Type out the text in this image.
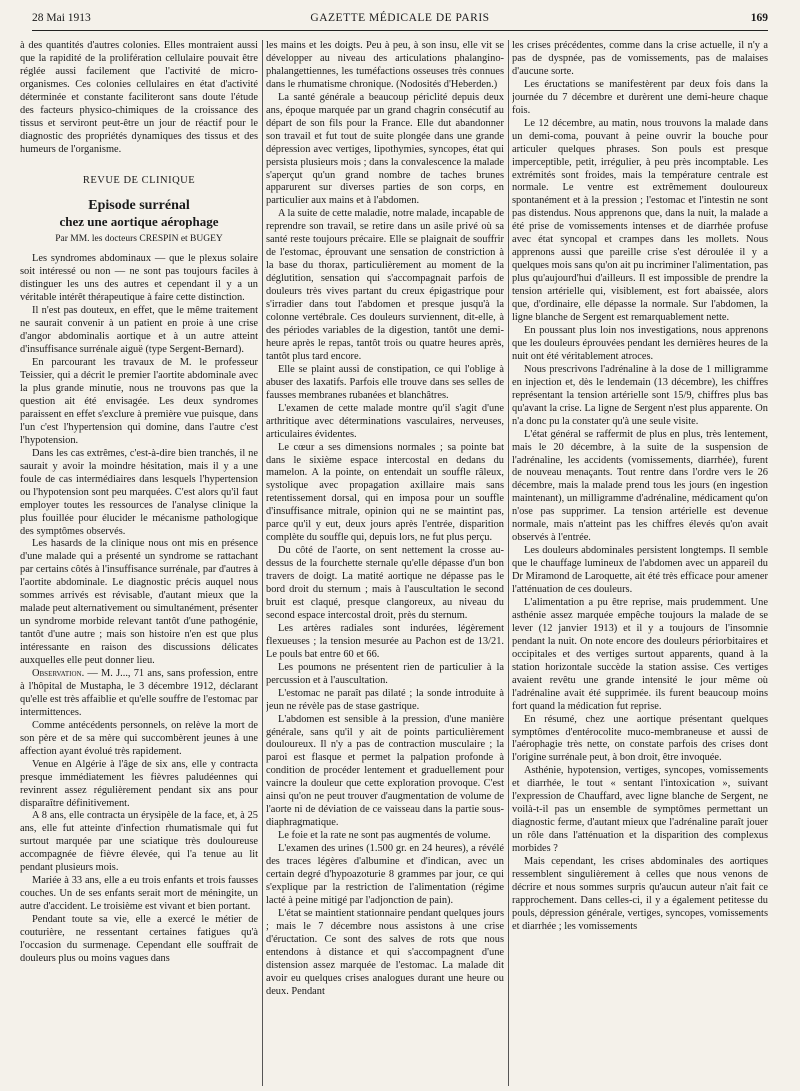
28 Mai 1913	GAZETTE MÉDICALE DE PARIS	169

à des quantités d'autres colonies. Elles montraient aussi que la rapidité de la prolifération cellulaire pouvait être réglée aussi facilement que l'activité de micro-organismes. Ces colonies cellulaires en état d'activité déterminée et constante faciliteront sans doute l'étude des facteurs physico-chimiques de la croissance des tissus et serviront peut-être un jour de réactif pour le diagnostic des propriétés dynamiques des tissus et des humeurs de l'organisme.

REVUE DE CLINIQUE
Episode surrénal
chez une aortique aérophage
Par MM. les docteurs CRESPIN et BUGEY

Les syndromes abdominaux — que le plexus solaire soit intéressé ou non — ne sont pas toujours faciles à distinguer les uns des autres et cependant il y a un véritable intérêt thérapeutique à faire cette distinction.

Il n'est pas douteux, en effet, que le même traitement ne saurait convenir à un patient en proie à une crise d'angor abdominalis aortique et à un autre atteint d'insuffisance surrénale aiguë (type Sergent-Bernard).

En parcourant les travaux de M. le professeur Teissier, qui a décrit le premier l'aortite abdominale avec la plus grande minutie, nous ne trouvons pas que la question ait été envisagée. Les deux syndromes paraissent en effet s'exclure à première vue puisque, dans l'un c'est l'hypertension qui domine, dans l'autre c'est l'hypotension.

Dans les cas extrêmes, c'est-à-dire bien tranchés, il ne saurait y avoir la moindre hésitation, mais il y a une foule de cas intermédiaires dans lesquels l'hypertension ou l'hypotension sont peu marquées. C'est alors qu'il faut employer toutes les ressources de l'analyse clinique la plus fouillée pour élucider le mécanisme pathologique des symptômes observés.

Les hasards de la clinique nous ont mis en présence d'une malade qui a présenté un syndrome se rattachant par certains côtés à l'insuffisance surrénale, par d'autres à l'aortite abdominale. Le diagnostic précis auquel nous sommes arrivés est révisable, d'autant mieux que la malade peut alternativement ou simultanément, présenter un syndrome morbide relevant tantôt d'une pathogénie, tantôt d'une autre ; mais son histoire n'en est que plus intéressante en raison des discussions délicates auxquelles elle peut donner lieu.

Observation. — M. J..., 71 ans, sans profession, entre à l'hôpital de Mustapha, le 3 décembre 1912, déclarant qu'elle est très affaiblie et qu'elle souffre de l'estomac par intermittences.

Comme antécédents personnels, on relève la mort de son père et de sa mère qui succombèrent jeunes à une affection ayant évolué très rapidement.

Venue en Algérie à l'âge de six ans, elle y contracta presque immédiatement les fièvres paludéennes qui revinrent assez régulièrement pendant six ans pour disparaître définitivement.

A 8 ans, elle contracta un érysipèle de la face, et, à 25 ans, elle fut atteinte d'infection rhumatismale qui fut surtout marquée par une sciatique très douloureuse accompagnée de fièvre élevée, qui l'a tenue au lit pendant plusieurs mois.

Mariée à 33 ans, elle a eu trois enfants et trois fausses couches. Un de ses enfants serait mort de méningite, un autre d'accident. Le troisième est vivant et bien portant.

Pendant toute sa vie, elle a exercé le métier de couturière, ne ressentant certaines fatigues qu'à l'occasion du surmenage. Cependant elle souffrait de douleurs plus ou moins vagues dans

les mains et les doigts. Peu à peu, à son insu, elle vit se développer au niveau des articulations phalangino-phalangettiennes, les tuméfactions osseuses très connues dans le rhumatisme chronique. (Nodosités d'Heberden.)

La santé générale a beaucoup périclité depuis deux ans, époque marquée par un grand chagrin consécutif au départ de son fils pour la France. Elle dut abandonner son travail et fut tout de suite plongée dans une grande dépression avec vertiges, lipothymies, syncopes, état qui persista plusieurs mois ; dans la convalescence la malade s'aperçut qu'un grand nombre de taches brunes apparurent sur diverses parties de son corps, en particulier aux mains et à l'abdomen.

A la suite de cette maladie, notre malade, incapable de reprendre son travail, se retire dans un asile privé où sa santé reste toujours précaire. Elle se plaignait de souffrir de l'estomac, éprouvant une sensation de constriction à la base du thorax, particulièrement au moment de la déglutition, sensation qui s'accompagnait parfois de douleurs très vives partant du creux épigastrique pour s'irradier dans tout l'abdomen et presque jusqu'à la colonne vertébrale. Ces douleurs surviennent, dit-elle, à des périodes variables de la digestion, tantôt une demi-heure après le repas, tantôt trois ou quatre heures après, tantôt plus tard encore.

Elle se plaint aussi de constipation, ce qui l'oblige à abuser des laxatifs. Parfois elle trouve dans ses selles de fausses membranes rubanées et blanchâtres.

L'examen de cette malade montre qu'il s'agit d'une arthritique avec déterminations vasculaires, nerveuses, articulaires évidentes.

Le cœur a ses dimensions normales ; sa pointe bat dans le sixième espace intercostal en dedans du mamelon. A la pointe, on entendait un souffle râleux, systolique avec propagation axillaire mais sans retentissement dorsal, qui en imposa pour un souffle d'insuffisance mitrale, opinion qui ne se maintint pas, parce qu'il y eut, deux jours après l'entrée, disparition complète du souffle qui, depuis lors, ne fut plus perçu.

Du côté de l'aorte, on sent nettement la crosse au-dessus de la fourchette sternale qu'elle dépasse d'un bon travers de doigt. La matité aortique ne dépasse pas le bord droit du sternum ; mais à l'auscultation le second bruit est claqué, presque clangoreux, au niveau du second espace intercostal droit, près du sternum.

Les artères radiales sont indurées, légèrement flexueuses ; la tension mesurée au Pachon est de 13/21. Le pouls bat entre 60 et 66.

Les poumons ne présentent rien de particulier à la percussion et à l'auscultation.

L'estomac ne paraît pas dilaté ; la sonde introduite à jeun ne révèle pas de stase gastrique.

L'abdomen est sensible à la pression, d'une manière générale, sans qu'il y ait de points particulièrement douloureux. Il n'y a pas de contraction musculaire ; la paroi est flasque et permet la palpation profonde à condition de procéder lentement et graduellement pour vaincre la douleur que cette exploration provoque. C'est ainsi qu'on ne peut trouver d'augmentation de volume de l'aorte ni de déviation de ce vaisseau dans la partie sous-diaphragmatique.

Le foie et la rate ne sont pas augmentés de volume.

L'examen des urines (1.500 gr. en 24 heures), a révélé des traces légères d'albumine et d'indican, avec un certain degré d'hypoazoturie 8 grammes par jour, ce qui s'explique par la restriction de l'alimentation (régime lacté à peine mitigé par l'adjonction de pain).

L'état se maintient stationnaire pendant quelques jours ; mais le 7 décembre nous assistons à une crise d'éructation. Ce sont des salves de rots que nous entendons à distance et qui s'accompagnent d'une distension assez marquée de l'estomac. La malade dit avoir eu quelques crises analogues durant une heure ou deux. Pendant

les crises précédentes, comme dans la crise actuelle, il n'y a pas de dyspnée, pas de vomissements, pas de malaises d'aucune sorte.

Les éructations se manifestèrent par deux fois dans la journée du 7 décembre et durèrent une demi-heure chaque fois.

Le 12 décembre, au matin, nous trouvons la malade dans un demi-coma, pouvant à peine ouvrir la bouche pour articuler quelques phrases. Son pouls est presque imperceptible, petit, irrégulier, à peu près incomptable. Les extrémités sont froides, mais la température centrale est normale. Le ventre est extrêmement douloureux spontanément et à la pression ; l'estomac et l'intestin ne sont pas distendus. Nous apprenons que, dans la nuit, la malade a été prise de vomissements intenses et de diarrhée profuse avec état syncopal et crampes dans les mollets. Nous apprenons aussi que pareille crise s'est déroulée il y a quelques mois sans qu'on ait pu incriminer l'alimentation, pas plus qu'aujourd'hui d'ailleurs. Il est impossible de prendre la tension artérielle qui, visiblement, est fort abaissée, alors que, d'ordinaire, elle dépasse la normale. Sur l'abdomen, la ligne blanche de Sergent est remarquablement nette.

En poussant plus loin nos investigations, nous apprenons que les douleurs éprouvées pendant les dernières heures de la nuit ont été véritablement atroces.

Nous prescrivons l'adrénaline à la dose de 1 milligramme en injection et, dès le lendemain (13 décembre), les chiffres représentant la tension artérielle sont 15/9, chiffres plus bas qu'avant la crise. La ligne de Sergent n'est plus apparente. On n'a donc pu la constater qu'à une seule visite.

L'état général se raffermit de plus en plus, très lentement, mais le 20 décembre, à la suite de la suspension de l'adrénaline, les accidents (vomissements, diarrhée), furent de nouveau menaçants. Tout rentre dans l'ordre vers le 26 décembre, mais la malade prend tous les jours (en ingestion maintenant), un milligramme d'adrénaline, médicament qu'on n'ose pas supprimer. La tension artérielle est devenue normale, mais n'atteint pas les chiffres élevés qu'on avait observés à l'entrée.

Les douleurs abdominales persistent longtemps. Il semble que le chauffage lumineux de l'abdomen avec un appareil du Dr Miramond de Laroquette, ait été très efficace pour amener l'atténuation de ces douleurs.

L'alimentation a pu être reprise, mais prudemment. Une asthénie assez marquée empêche toujours la malade de se lever (12 janvier 1913) et il y a toujours de l'insomnie pendant la nuit. On note encore des douleurs périorbitaires et occipitales et des vertiges surtout apparents, quand à la station horizontale succède la station assise. Ces vertiges avaient revêtu une grande intensité le jour même où l'adrénaline avait été supprimée. ils furent beaucoup moins fort quand la médication fut reprise.

En résumé, chez une aortique présentant quelques symptômes d'entérocolite muco-membraneuse et aussi de l'aérophagie très nette, on constate parfois des crises dont l'origine surrénale peut, à bon droit, être invoquée.

Asthénie, hypotension, vertiges, syncopes, vomissements et diarrhée, le tout « sentant l'intoxication », suivant l'expression de Chauffard, avec ligne blanche de Sergent, ne voilà-t-il pas un ensemble de symptômes permettant un diagnostic ferme, d'autant mieux que l'adrénaline paraît jouer un rôle dans l'atténuation et la disparition des complexus morbides ?

Mais cependant, les crises abdominales des aortiques ressemblent singulièrement à celles que nous venons de décrire et nous sommes surpris qu'aucun auteur n'ait fait ce rapprochement. Dans celles-ci, il y a également petitesse du pouls, dépression générale, vertiges, syncopes, vomissements et diarrhée ; les vomissements
